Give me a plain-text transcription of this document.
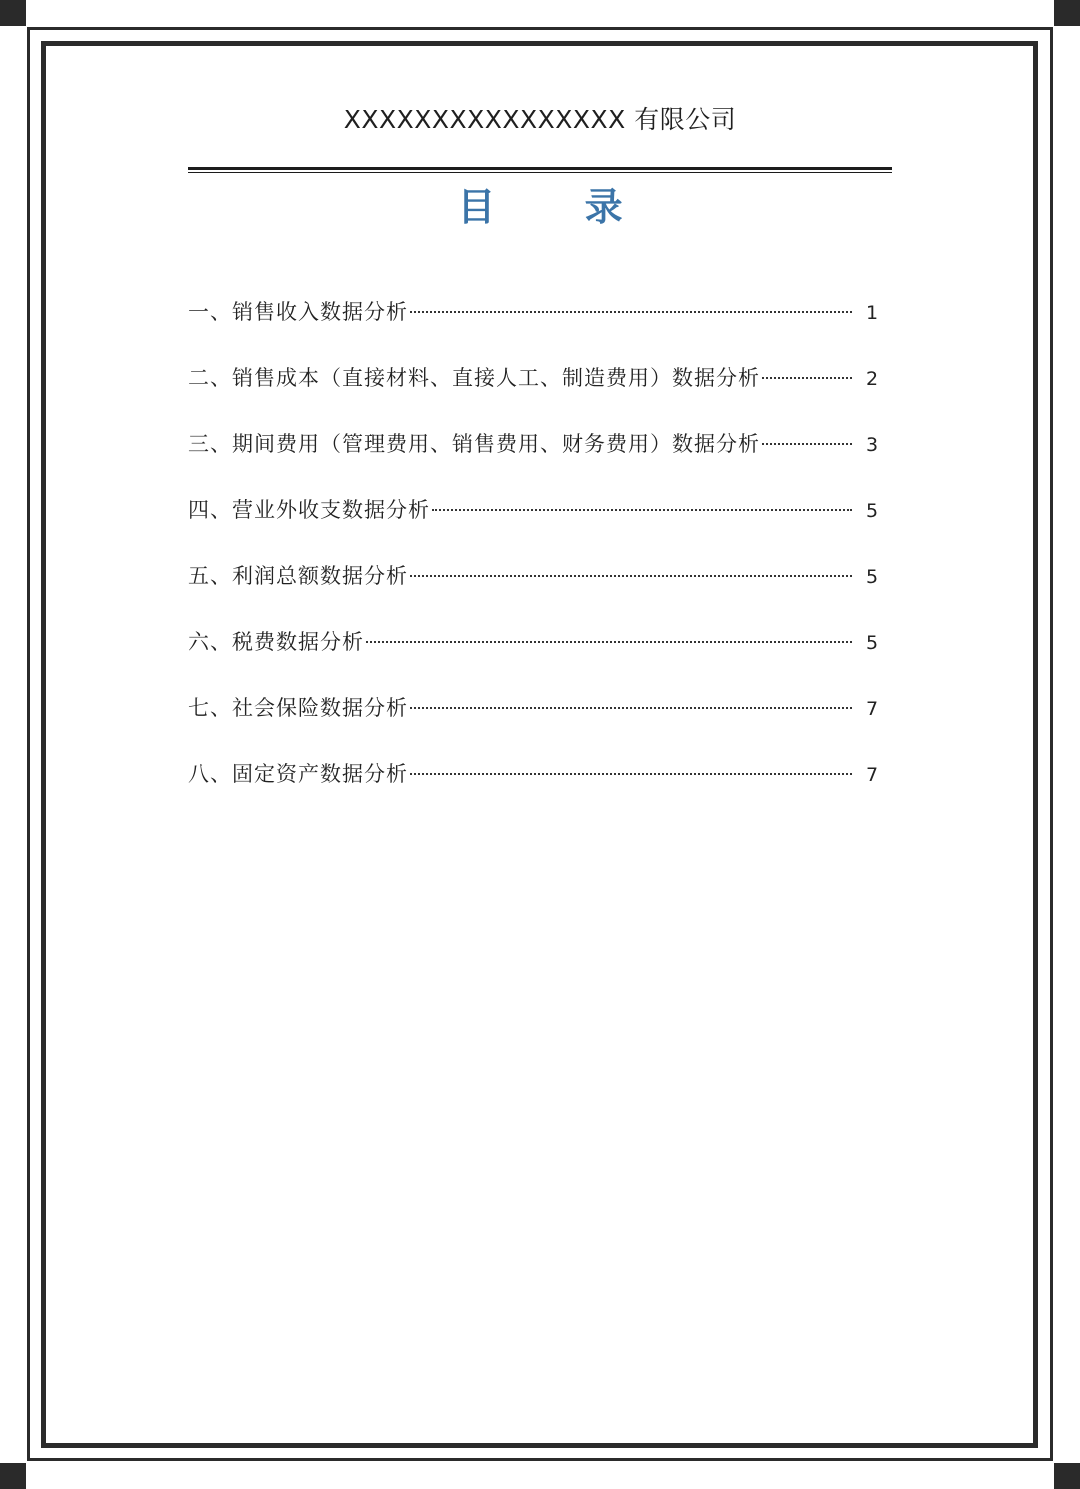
XXXXXXXXXXXXXXXX 有限公司
目 录
一、销售收入数据分析	1
二、销售成本（直接材料、直接人工、制造费用）数据分析	2
三、期间费用（管理费用、销售费用、财务费用）数据分析	3
四、营业外收支数据分析	5
五、利润总额数据分析	5
六、税费数据分析	5
七、社会保险数据分析	7
八、固定资产数据分析	7
